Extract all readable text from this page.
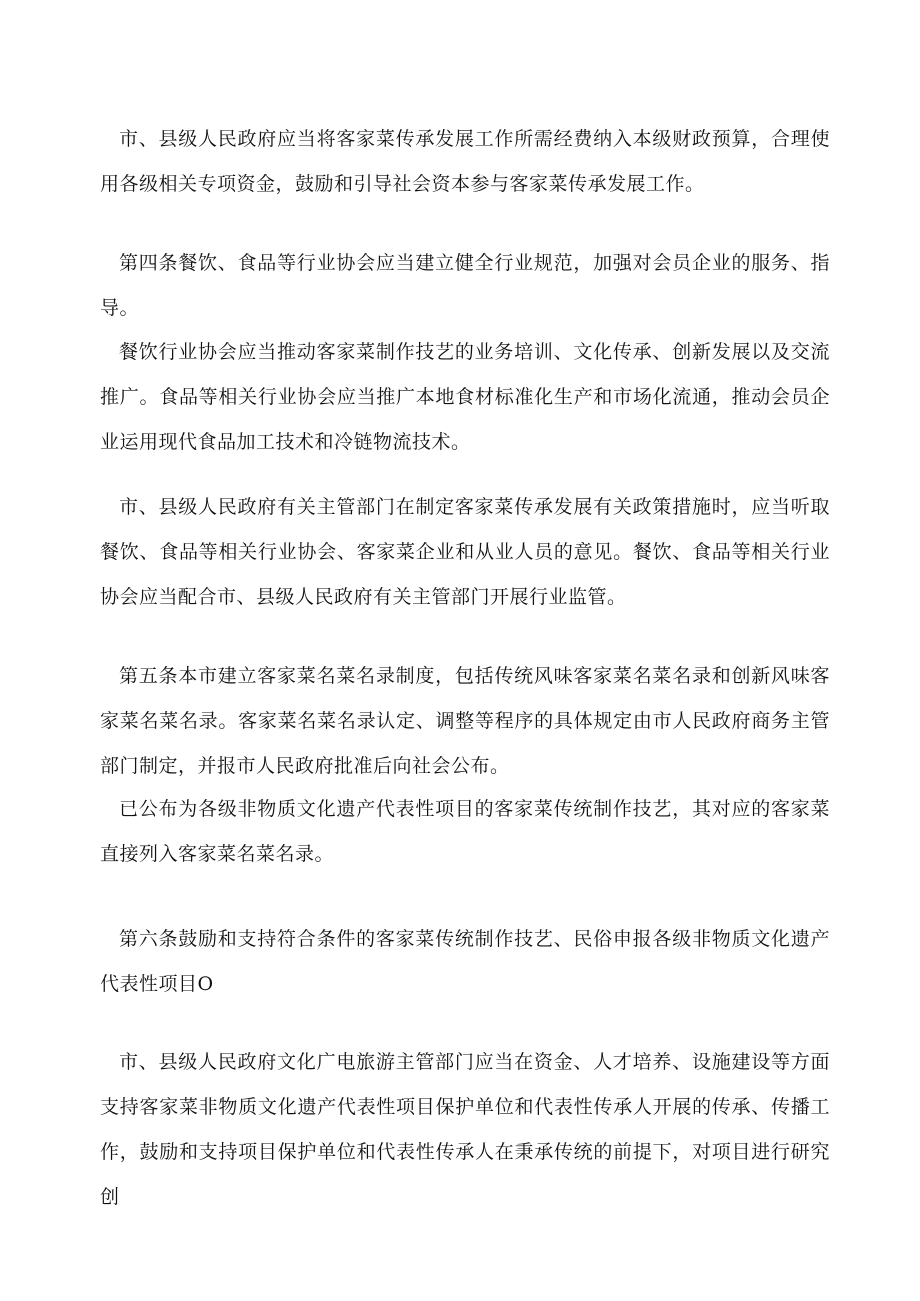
市、县级人民政府应当将客家菜传承发展工作所需经费纳入本级财政预算，合理使用各级相关专项资金，鼓励和引导社会资本参与客家菜传承发展工作。

第四条餐饮、食品等行业协会应当建立健全行业规范，加强对会员企业的服务、指导。

餐饮行业协会应当推动客家菜制作技艺的业务培训、文化传承、创新发展以及交流推广。食品等相关行业协会应当推广本地食材标准化生产和市场化流通，推动会员企业运用现代食品加工技术和冷链物流技术。

市、县级人民政府有关主管部门在制定客家菜传承发展有关政策措施时，应当听取餐饮、食品等相关行业协会、客家菜企业和从业人员的意见。餐饮、食品等相关行业协会应当配合市、县级人民政府有关主管部门开展行业监管。

第五条本市建立客家菜名菜名录制度，包括传统风味客家菜名菜名录和创新风味客家菜名菜名录。客家菜名菜名录认定、调整等程序的具体规定由市人民政府商务主管部门制定，并报市人民政府批准后向社会公布。

已公布为各级非物质文化遗产代表性项目的客家菜传统制作技艺，其对应的客家菜直接列入客家菜名菜名录。

第六条鼓励和支持符合条件的客家菜传统制作技艺、民俗申报各级非物质文化遗产代表性项目O

市、县级人民政府文化广电旅游主管部门应当在资金、人才培养、设施建设等方面支持客家菜非物质文化遗产代表性项目保护单位和代表性传承人开展的传承、传播工作，鼓励和支持项目保护单位和代表性传承人在秉承传统的前提下，对项目进行研究创
